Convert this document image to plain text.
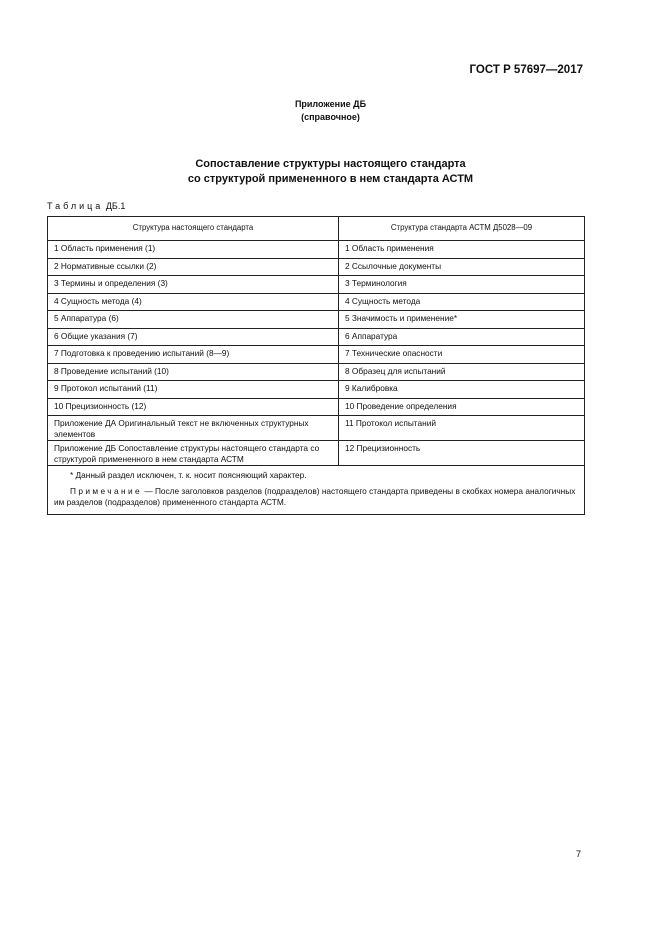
ГОСТ Р 57697—2017
Приложение ДБ
(справочное)
Сопоставление структуры настоящего стандарта
со структурой примененного в нем стандарта АСТМ
Таблица ДБ.1
Структура настоящего стандарта	Структура стандарта АСТМ Д5028—09
1 Область применения (1)	1 Область применения
2 Нормативные ссылки (2)	2 Ссылочные документы
3 Термины и определения (3)	3 Терминология
4 Сущность метода (4)	4 Сущность метода
5 Аппаратура (6)	5 Значимость и применение*
6 Общие указания (7)	6 Аппаратура
7 Подготовка к проведению испытаний (8—9)	7 Технические опасности
8 Проведение испытаний (10)	8 Образец для испытаний
9 Протокол испытаний (11)	9 Калибровка
10 Прецизионность (12)	10 Проведение определения
Приложение ДА Оригинальный текст не включенных структурных элементов	11 Протокол испытаний
Приложение ДБ Сопоставление структуры настоящего стандарта со структурой примененного в нем стандарта АСТМ	12 Прецизионность

* Данный раздел исключен, т. к. носит поясняющий характер.
Примечание — После заголовков разделов (подразделов) настоящего стандарта приведены в скобках номера аналогичных им разделов (подразделов) примененного стандарта АСТМ.	
7
